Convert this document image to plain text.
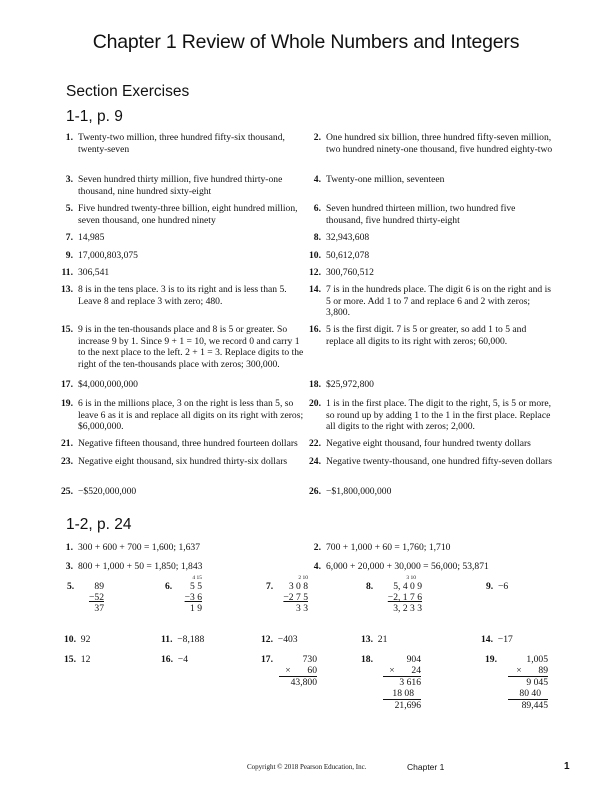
Chapter 1 Review of Whole Numbers and Integers
Section Exercises
1-1, p. 9
1. Twenty-two million, three hundred fifty-six thousand, twenty-seven
2. One hundred six billion, three hundred fifty-seven million, two hundred ninety-one thousand, five hundred eighty-two
3. Seven hundred thirty million, five hundred thirty-one thousand, nine hundred sixty-eight
4. Twenty-one million, seventeen
5. Five hundred twenty-three billion, eight hundred million, seven thousand, one hundred ninety
6. Seven hundred thirteen million, two hundred five thousand, five hundred thirty-eight
7. 14,985	8. 32,943,608
9. 17,000,803,075	10. 50,612,078
11. 306,541	12. 300,760,512
13. 8 is in the tens place. 3 is to its right and is less than 5. Leave 8 and replace 3 with zero; 480.
14. 7 is in the hundreds place. The digit 6 is on the right and is 5 or more. Add 1 to 7 and replace 6 and 2 with zeros; 3,800.
15. 9 is in the ten-thousands place and 8 is 5 or greater. So increase 9 by 1. Since 9 + 1 = 10, we record 0 and carry 1 to the next place to the left. 2 + 1 = 3. Replace digits to the right of the ten-thousands place with zeros; 300,000.
16. 5 is the first digit. 7 is 5 or greater, so add 1 to 5 and replace all digits to its right with zeros; 60,000.
17. $4,000,000,000	18. $25,972,800
19. 6 is in the millions place, 3 on the right is less than 5, so leave 6 as it is and replace all digits on its right with zeros; $6,000,000.
20. 1 is in the first place. The digit to the right, 5, is 5 or more, so round up by adding 1 to the 1 in the first place. Replace all digits to the right with zeros; 2,000.
21. Negative fifteen thousand, three hundred fourteen dollars	22. Negative eight thousand, four hundred twenty dollars
23. Negative eight thousand, six hundred thirty-six dollars	24. Negative twenty-thousand, one hundred fifty-seven dollars
25. −$520,000,000	26. −$1,800,000,000
1-2, p. 24
1. 300 + 600 + 700 = 1,600; 1,637	2. 700 + 1,000 + 60 = 1,760; 1,710
3. 800 + 1,000 + 50 = 1,850; 1,843	4. 6,000 + 20,000 + 30,000 = 56,000; 53,871
5.	89
−52
37
6.
4 15
5 5
−3 6
1 9
7.
2 10
3 0 8
−2 7 5
3 3
8.
3 10
5, 4 0 9
−2, 1 7 6
3, 2 3 3
9. −6
10. 92	11. −8,188	12. −403	13. 21	14. −17
15. 12	16. −4	17.	730
×       60
43,800
18.	904
×       24
3 616
18 08
21,696
19.	1,005
×       89
9 045
80 40
89,445
Copyright © 2018 Pearson Education, Inc.	Chapter 1	1
